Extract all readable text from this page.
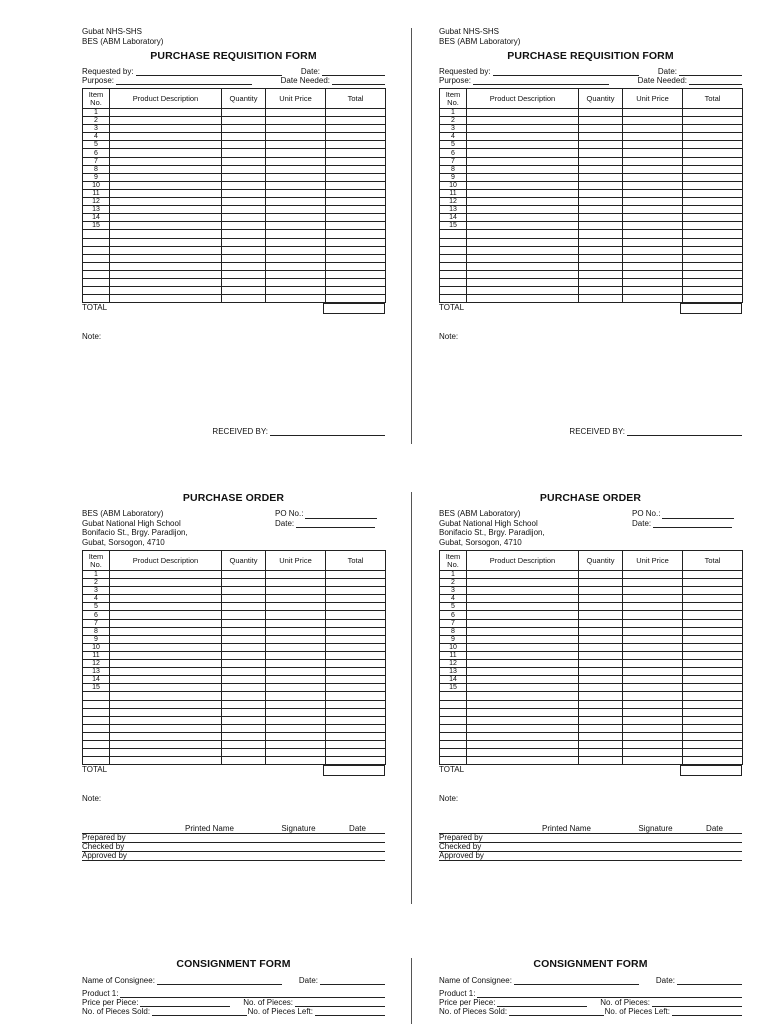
Gubat NHS-SHS
BES (ABM Laboratory)
PURCHASE REQUISITION FORM
Requested by:	Date:
Purpose:	Date Needed:
Item No.	Product Description	Quantity	Unit Price	Total
1				
2				
3				
4				
5				
6				
7				
8				
9				
10				
11				
12				
13				
14				
15				

TOTAL
Note:
RECEIVED BY:
Gubat NHS-SHS
BES (ABM Laboratory)
PURCHASE REQUISITION FORM
Requested by:	Date:
Purpose:	Date Needed:
Item No.	Product Description	Quantity	Unit Price	Total
1				
2				
3				
4				
5				
6				
7				
8				
9				
10				
11				
12				
13				
14				
15				

TOTAL
Note:
RECEIVED BY:
PURCHASE ORDER
BES (ABM Laboratory)
Gubat National High School
Bonifacio St., Brgy. Paradijon,
Gubat, Sorsogon, 4710
PO No.:
Date:
Item No.	Product Description	Quantity	Unit Price	Total
1				
2				
3				
4				
5				
6				
7				
8				
9				
10				
11				
12				
13				
14				
15				

TOTAL
Note:
	Printed Name	Signature	Date
Prepared by			
Checked by			
Approved by			
PURCHASE ORDER
BES (ABM Laboratory)
Gubat National High School
Bonifacio St., Brgy. Paradijon,
Gubat, Sorsogon, 4710
PO No.:
Date:
Item No.	Product Description	Quantity	Unit Price	Total
1				
2				
3				
4				
5				
6				
7				
8				
9				
10				
11				
12				
13				
14				
15				

TOTAL
Note:
	Printed Name	Signature	Date
Prepared by			
Checked by			
Approved by			
CONSIGNMENT FORM
Name of Consignee:	Date:
Product 1:
Price per Piece:	No. of Pieces:
No. of Pieces Sold:	No. of Pieces Left:
CONSIGNMENT FORM
Name of Consignee:	Date:
Product 1:
Price per Piece:	No. of Pieces:
No. of Pieces Sold:	No. of Pieces Left:
